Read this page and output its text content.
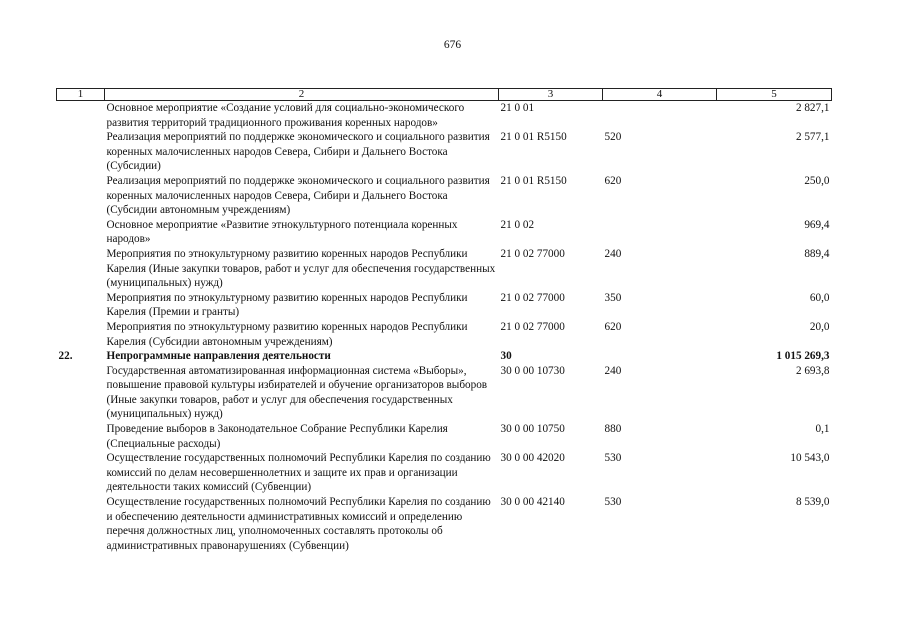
676
1	2	3	4	5
	Основное мероприятие «Создание условий для социально-экономического развития территорий традиционного проживания коренных народов»	21 0 01		2 827,1
	Реализация мероприятий по поддержке экономического и социального развития коренных малочисленных народов Севера, Сибири и Дальнего Востока (Субсидии)	21 0 01 R5150	520	2 577,1
	Реализация мероприятий по поддержке экономического и социального развития коренных малочисленных народов Севера, Сибири и Дальнего Востока (Субсидии автономным учреждениям)	21 0 01 R5150	620	250,0
	Основное мероприятие «Развитие этнокультурного потенциала коренных народов»	21 0 02		969,4
	Мероприятия по этнокультурному развитию коренных народов Республики Карелия (Иные закупки товаров, работ и услуг для обеспечения государственных (муниципальных) нужд)	21 0 02 77000	240	889,4
	Мероприятия по этнокультурному развитию коренных народов Республики Карелия (Премии и гранты)	21 0 02 77000	350	60,0
	Мероприятия по этнокультурному развитию коренных народов Республики Карелия (Субсидии автономным учреждениям)	21 0 02 77000	620	20,0
22.	Непрограммные направления деятельности	30		1 015 269,3
	Государственная автоматизированная информационная система «Выборы», повышение правовой культуры избирателей и обучение организаторов выборов (Иные закупки товаров, работ и услуг для обеспечения государственных (муниципальных) нужд)	30 0 00 10730	240	2 693,8
	Проведение выборов в Законодательное Собрание Республики Карелия (Специальные расходы)	30 0 00 10750	880	0,1
	Осуществление государственных полномочий Республики Карелия по созданию комиссий по делам несовершеннолетних и защите их прав и организации деятельности таких комиссий (Субвенции)	30 0 00 42020	530	10 543,0
	Осуществление государственных полномочий Республики Карелия по созданию и обеспечению деятельности административных комиссий и определению перечня должностных лиц, уполномоченных составлять протоколы об административных правонарушениях (Субвенции)	30 0 00 42140	530	8 539,0
